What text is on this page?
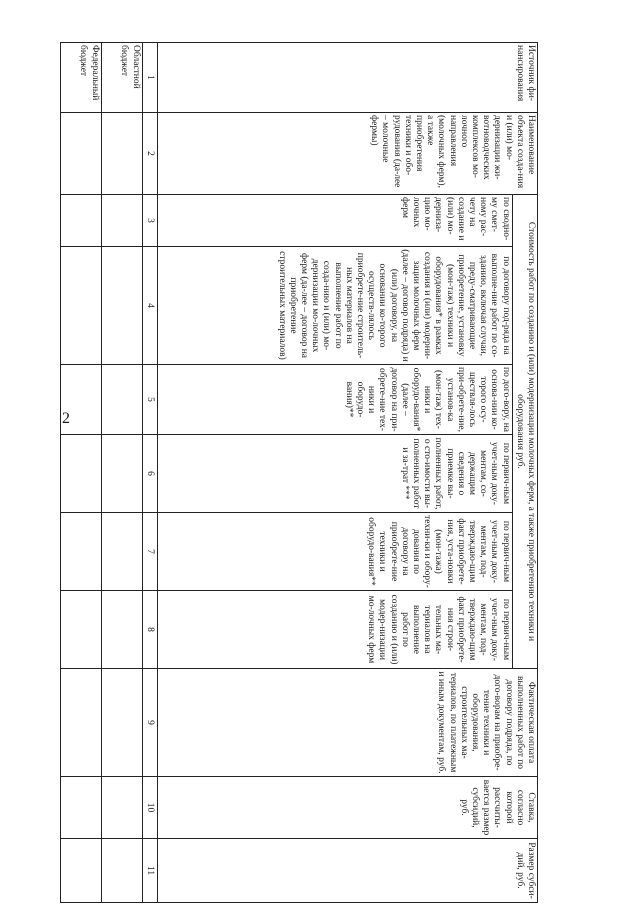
2
Источник фи-нансирования	Наименование объекта созда-ния и (или) мо-дернизации жи-вотноводческих комплексов мо-лочного направления (молочных ферм), а также приобретения техники и обо-рудования (да-лее – молочные фермы)	Стоимость работ по созданию и (или) модернизации молочных ферм, а также приобретению техники и оборудования руб.						Фактическая оплата выполненных работ по договору подряда, по дого-ворам на приобре-тение техники и оборудования, строительных ма-териалов, по платежным и иным документам, руб.	Ставка, согласно которой рассчиты-вается размер субсидий, руб.	Размер субси-дий, руб.
		по сводно-му смет-ному рас-чету на создание и (или) мо-дерниза-цию мо-лочных ферм	по договору под-ряда на выполне-ние работ по со-зданию, включая случаи, преду-сматривающие приобретение, установку (мон-таж) техники и оборудования* в рамках создания и (или) модерни-зации молочных ферм (далее – договор подряда) и (или) договору, на основании ко-торого осуществ-лялось приобрете-ние строитель-ных материалов на выполнение работ по созда-нию и (или) мо-дернизации мо-лочных ферм (да-лее – договор на приобретение строительных материалов)	по дого-вору, на основа-нии ко-торого осу-ществля-лось при-обрете-ние, установ-ка (мон-таж) тех-ники и оборудо-вания* (далее – договор на при-обрете-ние тех-ники и оборудо-вания)**	по первич-ным учет-ным доку-ментам, со-держащим сведения о приемке вы-полненных работ, о сто-имости вы-полненных работ и за-трат ***	по первич-ным учет-ным доку-ментам, под-тверждаю-щим факт приобрете-ния, уста-новки (мон-тажа) техни-ки и обору-дования по договору на приобрете-ние техники и оборудо-вания**	по первич-ным учет-ным доку-ментам, под-тверждаю-щим факт приобрете-ния строи-тельных ма-териалов на выполнение работ по созданию и (или) модер-низации мо-лочных ферм			
1	2	3	4	5	6	7	8	9	10	11
Областной бюджет										
Федеральный бюджет										
